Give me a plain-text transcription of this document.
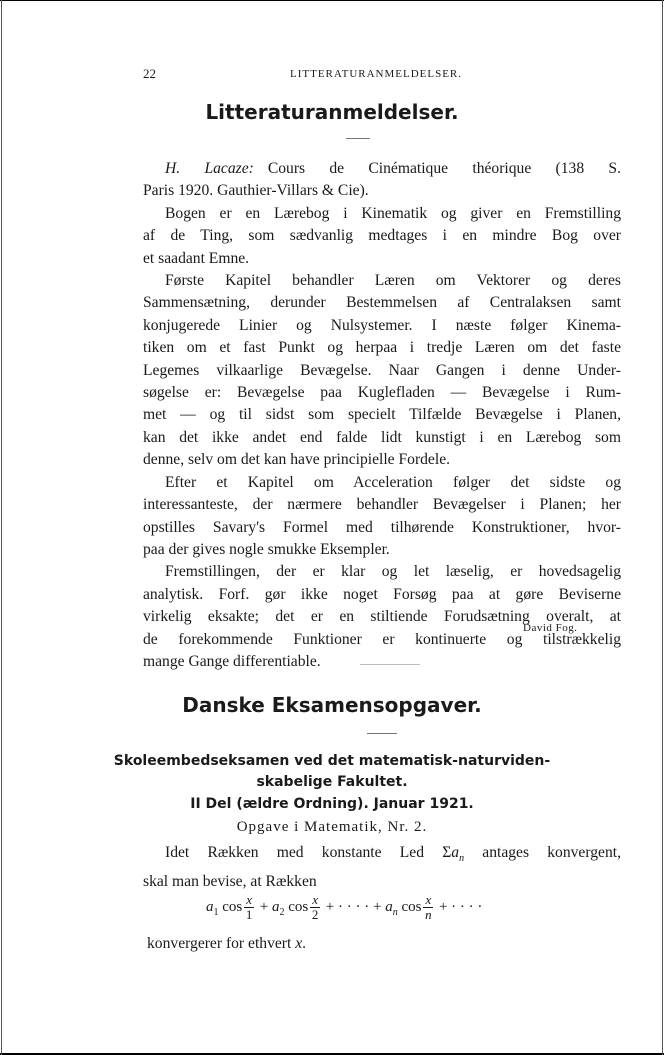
22	LITTERATURANMELDELSER.
Litteraturanmeldelser.

H. Lacaze: Cours de Cinématique théorique (138 S.

Paris 1920. Gauthier-Villars & Cie).

Bogen er en Lærebog i Kinematik og giver en Fremstilling

af de Ting, som sædvanlig medtages i en mindre Bog over

et saadant Emne.

Første Kapitel behandler Læren om Vektorer og deres

Sammensætning, derunder Bestemmelsen af Centralaksen samt

konjugerede Linier og Nulsystemer. I næste følger Kinema-

tiken om et fast Punkt og herpaa i tredje Læren om det faste

Legemes vilkaarlige Bevægelse. Naar Gangen i denne Under-

søgelse er: Bevægelse paa Kuglefladen — Bevægelse i Rum-

met — og til sidst som specielt Tilfælde Bevægelse i Planen,

kan det ikke andet end falde lidt kunstigt i en Lærebog som

denne, selv om det kan have principielle Fordele.

Efter et Kapitel om Acceleration følger det sidste og

interessanteste, der nærmere behandler Bevægelser i Planen; her

opstilles Savary's Formel med tilhørende Konstruktioner, hvor-

paa der gives nogle smukke Eksempler.

Fremstillingen, der er klar og let læselig, er hovedsagelig

analytisk. Forf. gør ikke noget Forsøg paa at gøre Beviserne

virkelig eksakte; det er en stiltiende Forudsætning overalt, at

de forekommende Funktioner er kontinuerte og tilstrækkelig

mange Gange differentiable.

David Fog.
Danske Eksamensopgaver.
Skoleembedseksamen ved det matematisk-naturviden-
skabelige Fakultet.
II Del (ældre Ordning). Januar 1921.
Opgave i Matematik, Nr. 2.

Idet Rækken med konstante Led $\Sigma a_n$ antages konvergent,

skal man bevise, at Rækken

$a_1$ $\cos \frac{x}{1} + a_2$ $\cos \frac{x}{2}$ + · · · · + $a_n$ $\cos \frac{x}{n}$ + · · · ·
konvergerer for ethvert x.
